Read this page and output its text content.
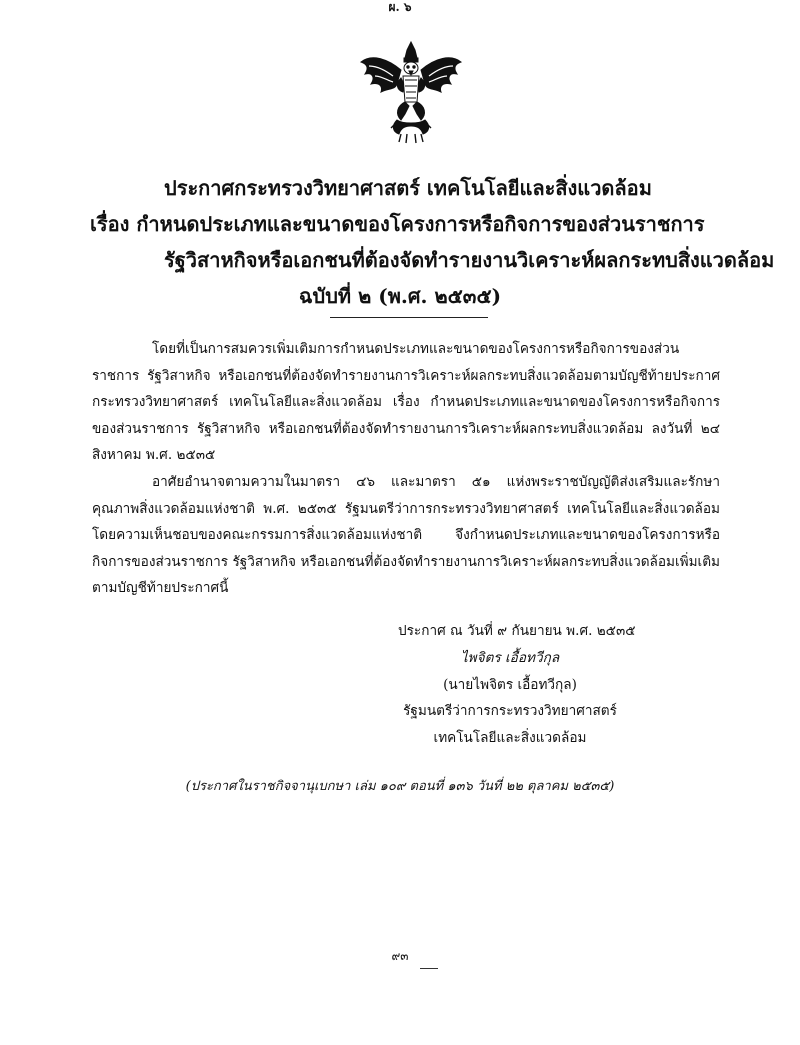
ผ. ๖
ประกาศกระทรวงวิทยาศาสตร์ เทคโนโลยีและสิ่งแวดล้อม
เรื่อง กำหนดประเภทและขนาดของโครงการหรือกิจการของส่วนราชการ
รัฐวิสาหกิจหรือเอกชนที่ต้องจัดทำรายงานวิเคราะห์ผลกระทบสิ่งแวดล้อม
ฉบับที่ ๒ (พ.ศ. ๒๕๓๕)

โดยที่เป็นการสมควรเพิ่มเติมการกำหนดประเภทและขนาดของโครงการหรือกิจการของส่วนราชการ รัฐวิสาหกิจ หรือเอกชนที่ต้องจัดทำรายงานการวิเคราะห์ผลกระทบสิ่งแวดล้อมตามบัญชีท้ายประกาศกระทรวงวิทยาศาสตร์ เทคโนโลยีและสิ่งแวดล้อม เรื่อง กำหนดประเภทและขนาดของโครงการหรือกิจการของส่วนราชการ รัฐวิสาหกิจ หรือเอกชนที่ต้องจัดทำรายงานการวิเคราะห์ผลกระทบสิ่งแวดล้อม ลงวันที่ ๒๔ สิงหาคม พ.ศ. ๒๕๓๕

อาศัยอำนาจตามความในมาตรา ๔๖ และมาตรา ๕๑ แห่งพระราชบัญญัติส่งเสริมและรักษาคุณภาพสิ่งแวดล้อมแห่งชาติ พ.ศ. ๒๕๓๕ รัฐมนตรีว่าการกระทรวงวิทยาศาสตร์ เทคโนโลยีและสิ่งแวดล้อม โดยความเห็นชอบของคณะกรรมการสิ่งแวดล้อมแห่งชาติ จึงกำหนดประเภทและขนาดของโครงการหรือกิจการของส่วนราชการ รัฐวิสาหกิจ หรือเอกชนที่ต้องจัดทำรายงานการวิเคราะห์ผลกระทบสิ่งแวดล้อมเพิ่มเติม ตามบัญชีท้ายประกาศนี้

ประกาศ ณ วันที่ ๙ กันยายน พ.ศ. ๒๕๓๕
ไพจิตร เอื้อทวีกุล
(นายไพจิตร เอื้อทวีกุล)
รัฐมนตรีว่าการกระทรวงวิทยาศาสตร์
เทคโนโลยีและสิ่งแวดล้อม
(ประกาศในราชกิจจานุเบกษา เล่ม ๑๐๙ ตอนที่ ๑๓๖ วันที่ ๒๒ ตุลาคม ๒๕๓๕)
๙๓
